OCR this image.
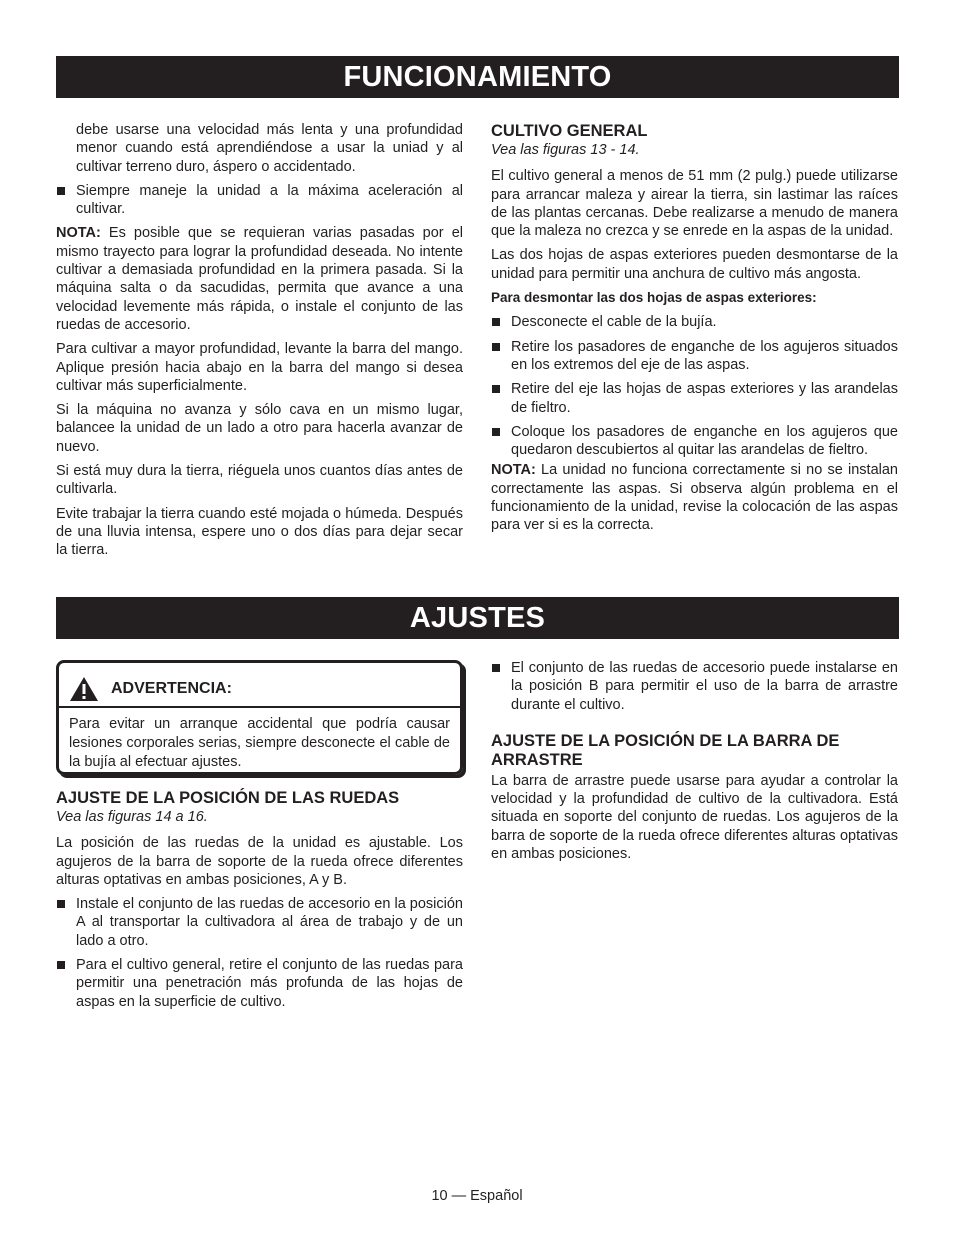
FUNCIONAMIENTO

debe usarse una velocidad más lenta y una profundidad menor cuando está aprendiéndose a usar la uniad y al cultivar terreno duro, áspero o accidentado.

Siempre maneje la unidad a la máxima aceleración al cultivar.

NOTA: Es posible que se requieran varias pasadas por el mismo trayecto para lograr la profundidad deseada. No intente cultivar a demasiada profundidad en la primera pasada. Si la máquina salta o da sacudidas, permita que avance a una velocidad levemente más rápida, o instale el conjunto de las ruedas de accesorio.

Para cultivar a mayor profundidad, levante la barra del mango. Aplique presión hacia abajo en la barra del mango si desea cultivar más superficialmente.

Si la máquina no avanza y sólo cava en un mismo lugar, balancee la unidad de un lado a otro para hacerla avanzar de nuevo.

Si está muy dura la tierra, riéguela unos cuantos días antes de cultivarla.

Evite trabajar la tierra cuando esté mojada o húmeda. Después de una lluvia intensa, espere uno o dos días para dejar secar la tierra.

CULTIVO GENERAL
Vea las figuras 13 - 14.

El cultivo general a menos de 51 mm (2 pulg.) puede utilizarse para arrancar maleza y airear la tierra, sin lastimar las raíces de las plantas cercanas. Debe realizarse a menudo de manera que la maleza no crezca y se enrede en la aspas de la unidad.

Las dos hojas de aspas exteriores pueden desmontarse de la unidad para permitir una anchura de cultivo más angosta.

Para desmontar las dos hojas de aspas exteriores:

Desconecte el cable de la bujía.
Retire los pasadores de enganche de los agujeros situados en los extremos del eje de las aspas.
Retire del eje las hojas de aspas exteriores y las arandelas de fieltro.
Coloque los pasadores de enganche en los agujeros que quedaron descubiertos al quitar las arandelas de fieltro.

NOTA: La unidad no funciona correctamente si no se instalan correctamente las aspas. Si observa algún problema en el funcionamiento de la unidad, revise la colocación de las aspas para ver si es la correcta.

AJUSTES
ADVERTENCIA:
Para evitar un arranque accidental que podría causar lesiones corporales serias, siempre desconecte el cable de la bujía al efectuar ajustes.
AJUSTE DE LA POSICIÓN DE LAS RUEDAS
Vea las figuras 14 a 16.

La posición de las ruedas de la unidad es ajustable. Los agujeros de la barra de soporte de la rueda ofrece diferentes alturas optativas en ambas posiciones, A y B.

Instale el conjunto de las ruedas de accesorio en la posición A al transportar la cultivadora al área de trabajo y de un lado a otro.
Para el cultivo general, retire el conjunto de las ruedas para permitir una penetración más profunda de las hojas de aspas en la superficie de cultivo.
El conjunto de las ruedas de accesorio puede instalarse en la posición B para permitir el uso de la barra de arrastre durante el cultivo.
AJUSTE DE LA POSICIÓN DE LA BARRA DE ARRASTRE

La barra de arrastre puede usarse para ayudar a controlar la velocidad y la profundidad de cultivo de la cultivadora. Está situada en soporte del conjunto de ruedas. Los agujeros de la barra de soporte de la rueda ofrece diferentes alturas optativas en ambas posiciones.

10 — Español
